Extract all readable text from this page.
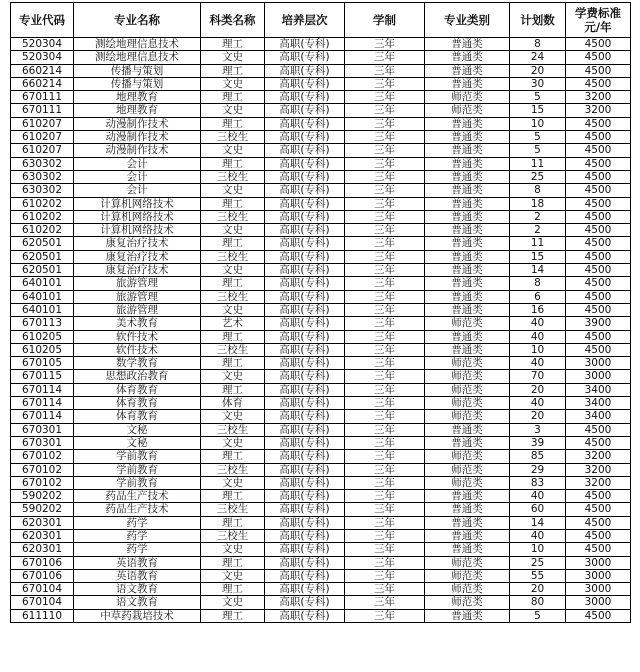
专业代码	专业名称	科类名称	培养层次	学制	专业类别	计划数	学费标准 元/年
520304	测绘地理信息技术	理工	高职(专科)	三年	普通类	8	4500
520304	测绘地理信息技术	文史	高职(专科)	三年	普通类	24	4500
660214	传播与策划	理工	高职(专科)	三年	普通类	20	4500
660214	传播与策划	文史	高职(专科)	三年	普通类	30	4500
670111	地理教育	理工	高职(专科)	三年	师范类	5	3200
670111	地理教育	文史	高职(专科)	三年	师范类	15	3200
610207	动漫制作技术	理工	高职(专科)	三年	普通类	10	4500
610207	动漫制作技术	三校生	高职(专科)	三年	普通类	5	4500
610207	动漫制作技术	文史	高职(专科)	三年	普通类	5	4500
630302	会计	理工	高职(专科)	三年	普通类	11	4500
630302	会计	三校生	高职(专科)	三年	普通类	25	4500
630302	会计	文史	高职(专科)	三年	普通类	8	4500
610202	计算机网络技术	理工	高职(专科)	三年	普通类	18	4500
610202	计算机网络技术	三校生	高职(专科)	三年	普通类	2	4500
610202	计算机网络技术	文史	高职(专科)	三年	普通类	2	4500
620501	康复治疗技术	理工	高职(专科)	三年	普通类	11	4500
620501	康复治疗技术	三校生	高职(专科)	三年	普通类	15	4500
620501	康复治疗技术	文史	高职(专科)	三年	普通类	14	4500
640101	旅游管理	理工	高职(专科)	三年	普通类	8	4500
640101	旅游管理	三校生	高职(专科)	三年	普通类	6	4500
640101	旅游管理	文史	高职(专科)	三年	普通类	16	4500
670113	美术教育	艺术	高职(专科)	三年	师范类	40	3900
610205	软件技术	理工	高职(专科)	三年	普通类	40	4500
610205	软件技术	三校生	高职(专科)	三年	普通类	10	4500
670105	数学教育	理工	高职(专科)	三年	师范类	40	3000
670115	思想政治教育	文史	高职(专科)	三年	师范类	70	3000
670114	体育教育	理工	高职(专科)	三年	师范类	20	3400
670114	体育教育	体育	高职(专科)	三年	师范类	40	3400
670114	体育教育	文史	高职(专科)	三年	师范类	20	3400
670301	文秘	三校生	高职(专科)	三年	普通类	3	4500
670301	文秘	文史	高职(专科)	三年	普通类	39	4500
670102	学前教育	理工	高职(专科)	三年	师范类	85	3200
670102	学前教育	三校生	高职(专科)	三年	师范类	29	3200
670102	学前教育	文史	高职(专科)	三年	师范类	83	3200
590202	药品生产技术	理工	高职(专科)	三年	普通类	40	4500
590202	药品生产技术	三校生	高职(专科)	三年	普通类	60	4500
620301	药学	理工	高职(专科)	三年	普通类	14	4500
620301	药学	三校生	高职(专科)	三年	普通类	40	4500
620301	药学	文史	高职(专科)	三年	普通类	10	4500
670106	英语教育	理工	高职(专科)	三年	师范类	25	3000
670106	英语教育	文史	高职(专科)	三年	师范类	55	3000
670104	语文教育	理工	高职(专科)	三年	师范类	20	3000
670104	语文教育	文史	高职(专科)	三年	师范类	80	3000
611110	中草药栽培技术	理工	高职(专科)	三年	普通类	5	4500
